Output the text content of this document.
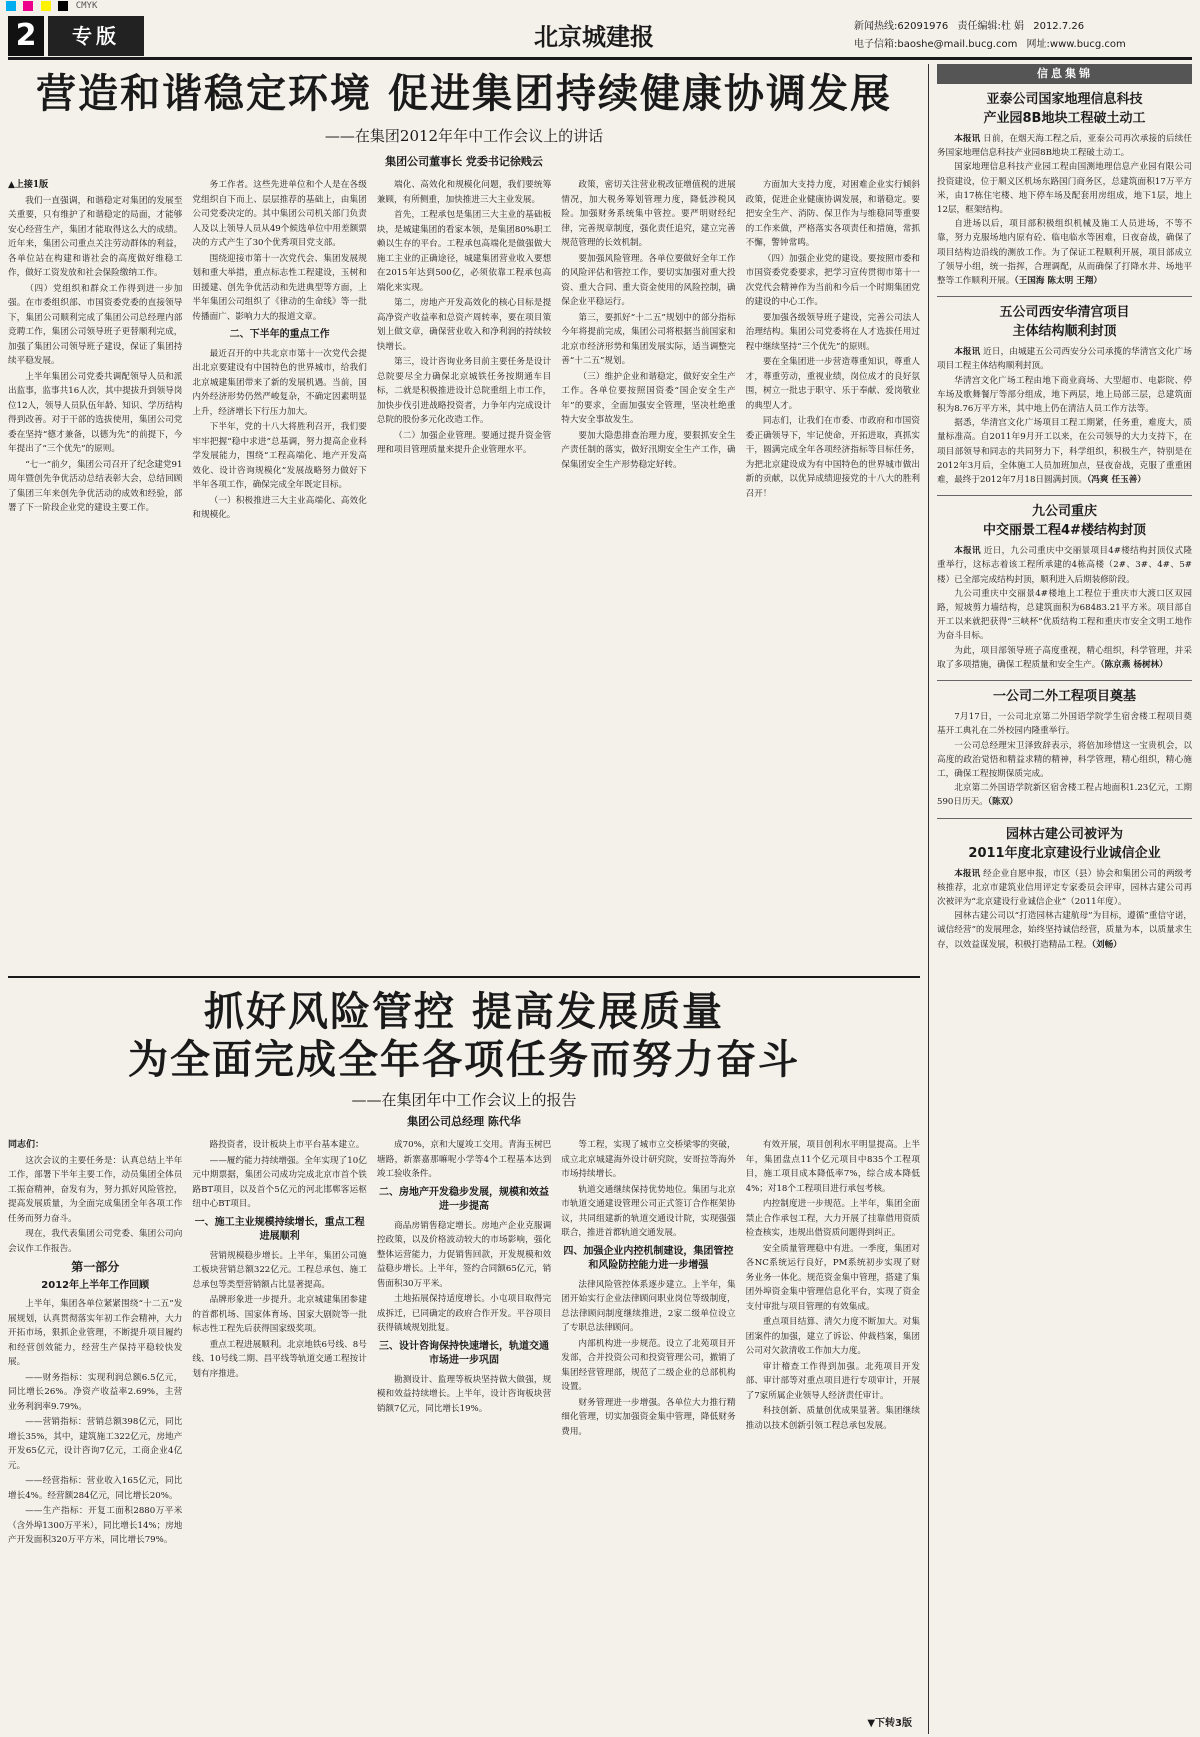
CMYK
2	专版	北京城建报	新闻热线:62091976 责任编辑:杜 娟 2012.7.26
电子信箱:baoshe@mail.bucg.com 网址:www.bucg.com
营造和谐稳定环境 促进集团持续健康协调发展
——在集团2012年年中工作会议上的讲话
集团公司董事长 党委书记徐贱云

▲上接1版

我们一直强调，和谐稳定对集团的发展至关重要，只有维护了和谐稳定的局面，才能够安心经营生产，集团才能取得这么大的成绩。近年来，集团公司重点关注劳动群体的利益，各单位站在构建和谐社会的高度做好维稳工作，做好工资发放和社会保险缴纳工作。

（四）党组织和群众工作得到进一步加强。在市委组织部、市国资委党委的直接领导下，集团公司顺利完成了集团公司总经理内部竞聘工作，集团公司领导班子更替顺利完成，加强了集团公司领导班子建设，保证了集团持续平稳发展。

上半年集团公司党委共调配领导人员和派出监事，监事共16人次，其中提拔升到领导岗位12人，领导人员队伍年龄、知识、学历结构得到改善。对于干部的选拔使用，集团公司党委在坚持“德才兼备，以德为先”的前提下，今年提出了“三个优先”的原则。

“七一”前夕，集团公司召开了纪念建党91周年暨创先争优活动总结表彰大会，总结回顾了集团三年来创先争优活动的成效和经验，部署了下一阶段企业党的建设主要工作。

务工作者。这些先进单位和个人是在各级党组织自下而上、层层推荐的基础上，由集团公司党委决定的。其中集团公司机关部门负责人及以上领导人员从49个候选单位中用差额票决的方式产生了30个优秀项目党支部。

围绕迎接市第十一次党代会、集团发展规划和重大举措，重点标志性工程建设，玉树和田援建、创先争优活动和先进典型等方面，上半年集团公司组织了《律动的生命线》等一批传播面广、影响力大的报道文章。

二、下半年的重点工作

最近召开的中共北京市第十一次党代会提出北京要建设有中国特色的世界城市，给我们北京城建集团带来了新的发展机遇。当前，国内外经济形势仍然严峻复杂，不确定因素明显上升，经济增长下行压力加大。

下半年，党的十八大将胜利召开，我们要牢牢把握“稳中求进”总基调，努力提高企业科学发展能力，围绕“工程高端化、地产开发高效化、设计咨询规模化”发展战略努力做好下半年各项工作，确保完成全年既定目标。

（一）积极推进三大主业高端化、高效化和规模化。

端化、高效化和规模化问题，我们要统筹兼顾，有所侧重，加快推进三大主业发展。

首先，工程承包是集团三大主业的基础板块，是城建集团的看家本领，是集团80%职工赖以生存的平台。工程承包高端化是做强做大施工主业的正确途径，城建集团营业收入要想在2015年达到500亿，必须依靠工程承包高端化来实现。

第二，房地产开发高效化的核心目标是提高净资产收益率和总资产周转率，要在项目策划上做文章，确保营业收入和净利润的持续较快增长。

第三，设计咨询业务目前主要任务是设计总院要尽全力确保北京城铁任务按期通车目标，二就是积极推进设计总院重组上市工作，加快步伐引进战略投资者，力争年内完成设计总院的股份多元化改造工作。

（二）加强企业管理。要通过提升资金管理和项目管理质量来提升企业管理水平。

政策，密切关注营业税改征增值税的进展情况，加大税务筹划管理力度，降低涉税风险。加强财务系统集中管控。要严明财经纪律，完善规章制度，强化责任追究，建立完善规范管理的长效机制。

要加强风险管理。各单位要做好全年工作的风险评估和管控工作，要切实加强对重大投资、重大合同、重大资金使用的风险控制，确保企业平稳运行。

第三，要抓好“十二五”规划中的部分指标今年将提前完成，集团公司将根据当前国家和北京市经济形势和集团发展实际，适当调整完善“十二五”规划。

（三）维护企业和谐稳定，做好安全生产工作。各单位要按照国资委“国企安全生产年”的要求，全面加强安全管理，坚决杜绝重特大安全事故发生。

要加大隐患排查治理力度，要狠抓安全生产责任制的落实，做好汛期安全生产工作，确保集团安全生产形势稳定好转。

方面加大支持力度，对困难企业实行倾斜政策，促进企业健康协调发展，和谐稳定。要把安全生产、消防、保卫作为与维稳同等重要的工作来做，严格落实各项责任和措施，常抓不懈，警钟常鸣。

（四）加强企业党的建设。要按照市委和市国资委党委要求，把学习宣传贯彻市第十一次党代会精神作为当前和今后一个时期集团党的建设的中心工作。

要加强各级领导班子建设，完善公司法人治理结构。集团公司党委将在人才选拔任用过程中继续坚持“三个优先”的原则。

要在全集团进一步营造尊重知识，尊重人才，尊重劳动，重视业绩，岗位成才的良好氛围，树立一批忠于职守、乐于奉献、爱岗敬业的典型人才。

同志们，让我们在市委、市政府和市国资委正确领导下，牢记使命，开拓进取，真抓实干，圆满完成全年各项经济指标等目标任务，为把北京建设成为有中国特色的世界城市做出新的贡献，以优异成绩迎接党的十八大的胜利召开！

抓好风险管控 提高发展质量
为全面完成全年各项任务而努力奋斗
——在集团年中工作会议上的报告
集团公司总经理 陈代华

同志们：

这次会议的主要任务是：认真总结上半年工作，部署下半年主要工作，动员集团全体员工振奋精神，奋发有为，努力抓好风险管控，提高发展质量，为全面完成集团全年各项工作任务而努力奋斗。

现在，我代表集团公司党委、集团公司向会议作工作报告。

第一部分

2012年上半年工作回顾

上半年，集团各单位紧紧围绕“十二五”发展规划，认真贯彻落实年初工作会精神，大力开拓市场，狠抓企业管理，不断提升项目履约和经营创效能力，经营生产保持平稳较快发展。

——财务指标：实现利润总额6.5亿元，同比增长26%。净资产收益率2.69%，主营业务利润率9.79%。

——营销指标：营销总额398亿元，同比增长35%，其中，建筑施工322亿元，房地产开发65亿元，设计咨询7亿元，工商企业4亿元。

——经营指标：营业收入165亿元，同比增长4%。经营额284亿元，同比增长20%。

——生产指标：开复工面积2880万平米（含外埠1300万平米），同比增长14%；房地产开发面积320万平方米，同比增长79%。

路投资者，设计板块上市平台基本建立。

——履约能力持续增强。全年实现了10亿元中期票据，集团公司成功完成北京市首个铁路BT项目，以及首个5亿元的河北邯郸客运枢纽中心BT项目。

一、施工主业规模持续增长，重点工程进展顺利

营销规模稳步增长。上半年，集团公司施工板块营销总额322亿元。工程总承包、施工总承包等类型营销额占比显著提高。

品牌形象进一步提升。北京城建集团参建的首都机场、国家体育场、国家大剧院等一批标志性工程先后获得国家级奖项。

重点工程进展顺利。北京地铁6号线、8号线、10号线二期、昌平线等轨道交通工程按计划有序推进。

成70%，京和大厦竣工交用。青海玉树巴塘路，新寨嘉那嘛呢小学等4个工程基本达到竣工验收条件。

二、房地产开发稳步发展，规模和效益进一步提高

商品房销售稳定增长。房地产企业克服调控政策，以及价格波动较大的市场影响，强化整体运营能力，力促销售回款，开发规模和效益稳步增长。上半年，签约合同额65亿元，销售面积30万平米。

土地拓展保持适度增长。小屯项目取得完成拆迁，已同确定的政府合作开发。平谷项目获得镇域规划批复。

三、设计咨询保持快速增长，轨道交通市场进一步巩固

勘测设计、监理等板块坚持做大做强，规模和效益持续增长。上半年，设计咨询板块营销额7亿元，同比增长19%。

等工程，实现了城市立交桥梁零的突破，成立北京城建海外设计研究院，安哥拉等海外市场持续增长。

轨道交通继续保持优势地位。集团与北京市轨道交通建设管理公司正式签订合作框架协议，共同组建新的轨道交通设计院，实现强强联合，推进首都轨道交通发展。

四、加强企业内控机制建设，集团管控和风险防控能力进一步增强

法律风险管控体系逐步建立。上半年，集团开始实行企业法律顾问职业岗位等级制度，总法律顾问制度继续推进，2家二级单位设立了专职总法律顾问。

内部机构进一步规范。设立了北苑项目开发部，合并投资公司和投资管理公司，撤销了集团经营管理部，规范了二级企业的总部机构设置。

财务管理进一步增强。各单位大力推行精细化管理，切实加强资金集中管理，降低财务费用。

有效开展，项目创利水平明显提高。上半年，集团盘点11个亿元项目中835个工程项目，施工项目成本降低率7%，综合成本降低4%；对18个工程项目进行承包考核。

内控制度进一步规范。上半年，集团全面禁止合作承包工程，大力开展了挂靠借用资质检查核实，违规出借资质问题得到纠正。

安全质量管理稳中有进。一季度，集团对各NC系统运行良好，PM系统初步实现了财务业务一体化。规范资金集中管理，搭建了集团外埠资金集中管理信息化平台，实现了资金支付审批与项目管理的有效集成。

重点项目结算、清欠力度不断加大。对集团案件的加强，建立了诉讼、仲裁档案，集团公司对欠款清收工作加大力度。

审计稽查工作得到加强。北苑项目开发部、审计部等对重点项目进行专项审计，开展了7家所属企业领导人经济责任审计。

科技创新、质量创优成果显著。集团继续推动以技术创新引领工程总承包发展。

▼下转3版
信息集锦
亚泰公司国家地理信息科技
产业园8B地块工程破土动工

本报讯 日前，在烟天海工程之后，亚泰公司再次承接的后续任务国家地理信息科技产业园8B地块工程破土动工。

国家地理信息科技产业园工程由国测地理信息产业园有限公司投资建设，位于顺义区机场东路国门商务区，总建筑面积17万平方米，由17栋住宅楼、地下停车场及配套用房组成，地下1层，地上12层，框架结构。

自进场以后，项目部积极组织机械及施工人员进场，不等不靠，努力克服场地内原有砼、临电临水等困难，日夜奋战，确保了项目结构边沿线的测放工作。为了保证工程顺利开展，项目部成立了领导小组，统一指挥，合理调配，从而确保了打降水井、场地平整等工作顺利开展。（王国海 陈太明 王翔）

五公司西安华清宫项目
主体结构顺利封顶

本报讯 近日，由城建五公司西安分公司承揽的华清宫文化广场项目工程主体结构顺利封顶。

华清宫文化广场工程由地下商业商场、大型超市、电影院、停车场及歌舞餐厅等部分组成，地下两层，地上局部三层，总建筑面积为8.76万平方米，其中地上仍在清洁人员工作方法等。

据悉，华清宫文化广场项目工程工期紧，任务重，难度大，质量标准高。自2011年9月开工以来，在公司领导的大力支持下，在项目部领导和同志的共同努力下，科学组织，积极生产，特别是在2012年3月后，全体施工人员加班加点，昼夜奋战，克服了重重困难，最终于2012年7月18日圆满封顶。（冯爽 任玉善）

九公司重庆
中交丽景工程4#楼结构封顶

本报讯 近日，九公司重庆中交丽景项目4#楼结构封顶仪式隆重举行，这标志着该工程所承建的4栋高楼（2#、3#、4#、5#楼）已全部完成结构封顶，顺利进入后期装修阶段。

九公司重庆中交丽景4#楼地上工程位于重庆市大渡口区双园路，短坡剪力墙结构，总建筑面积为68483.21平方米。项目部自开工以来就把获得“三峡杯”优质结构工程和重庆市安全文明工地作为奋斗目标。

为此，项目部领导班子高度重视，精心组织，科学管理，并采取了多项措施，确保工程质量和安全生产。（陈京燕 杨树林）

一公司二外工程项目奠基

7月17日，一公司北京第二外国语学院学生宿舍楼工程项目奠基开工典礼在二外校园内隆重举行。

一公司总经理宋卫泽致辞表示，将倍加珍惜这一宝贵机会，以高度的政治觉悟和精益求精的精神，科学管理，精心组织，精心施工，确保工程按期保质完成。

北京第二外国语学院新区宿舍楼工程占地面积1.23亿元，工期590日历天。（陈双）

园林古建公司被评为
2011年度北京建设行业诚信企业

本报讯 经企业自愿申报，市区（县）协会和集团公司的两级考核推荐，北京市建筑业信用评定专家委员会评审，园林古建公司再次被评为“北京建设行业诚信企业”（2011年度）。

园林古建公司以“打造园林古建航母”为目标，遵循“重信守诺，诚信经营”的发展理念，始终坚持诚信经营，质量为本，以质量求生存，以效益谋发展，积极打造精品工程。（刘畅）
